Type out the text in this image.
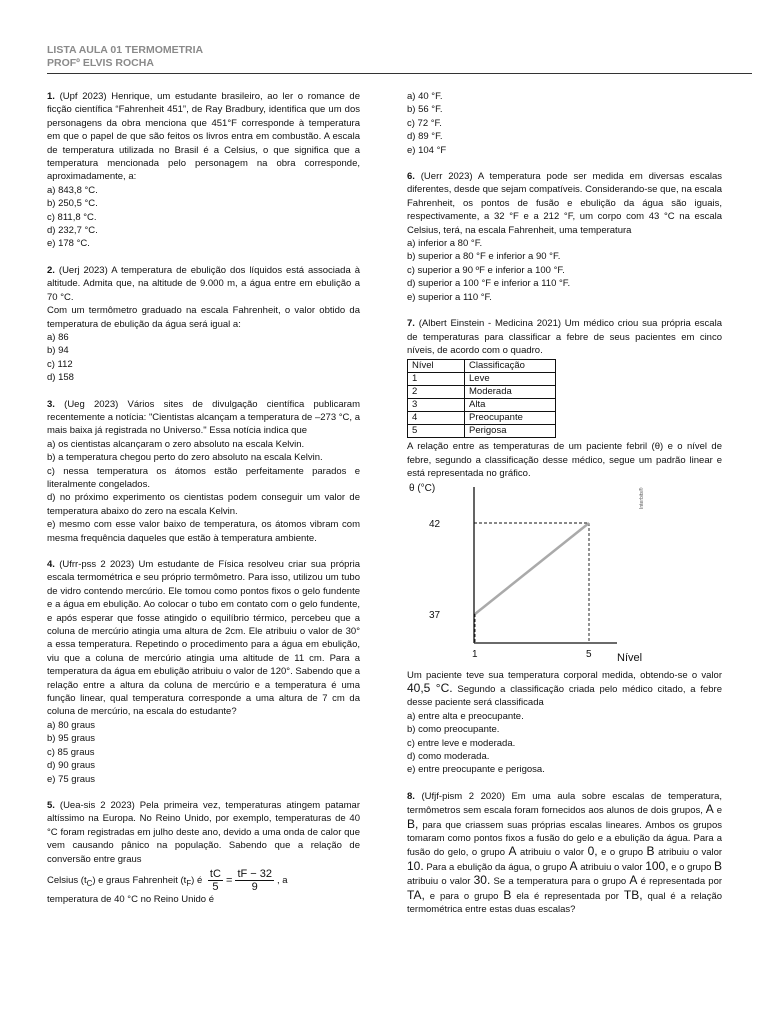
LISTA AULA 01 TERMOMETRIA
PROFº ELVIS ROCHA

1. (Upf 2023) Henrique, um estudante brasileiro, ao ler o romance de ficção científica “Fahrenheit 451”, de Ray Bradbury, identifica que um dos personagens da obra menciona que 451°F corresponde à temperatura em que o papel de que são feitos os livros entra em combustão. A escala de temperatura utilizada no Brasil é a Celsius, o que significa que a temperatura mencionada pelo personagem na obra corresponde, aproximadamente, a:

a) 843,8 °C.
b) 250,5 °C.
c) 811,8 °C.
d) 232,7 °C.
e) 178 °C.

2. (Uerj 2023) A temperatura de ebulição dos líquidos está associada à altitude. Admita que, na altitude de 9.000 m, a água entre em ebulição a 70 °C.

Com um termômetro graduado na escala Fahrenheit, o valor obtido da temperatura de ebulição da água será igual a:

a) 86
b) 94
c) 112
d) 158

3. (Ueg 2023) Vários sites de divulgação científica publicaram recentemente a notícia: "Cientistas alcançam a temperatura de –273 °C, a mais baixa já registrada no Universo." Essa notícia indica que

a) os cientistas alcançaram o zero absoluto na escala Kelvin.

b) a temperatura chegou perto do zero absoluto na escala Kelvin.

c) nessa temperatura os átomos estão perfeitamente parados e literalmente congelados.

d) no próximo experimento os cientistas podem conseguir um valor de temperatura abaixo do zero na escala Kelvin.

e) mesmo com esse valor baixo de temperatura, os átomos vibram com mesma frequência daqueles que estão à temperatura ambiente.

4. (Ufrr-pss 2 2023) Um estudante de Física resolveu criar sua própria escala termométrica e seu próprio termômetro. Para isso, utilizou um tubo de vidro contendo mercúrio. Ele tomou como pontos fixos o gelo fundente e a água em ebulição. Ao colocar o tubo em contato com o gelo fundente, e após esperar que fosse atingido o equilíbrio térmico, percebeu que a coluna de mercúrio atingia uma altura de 2cm. Ele atribuiu o valor de 30° a essa temperatura. Repetindo o procedimento para a água em ebulição, viu que a coluna de mercúrio atingia uma altitude de 11 cm. Para a temperatura da água em ebulição atribuiu o valor de 120°. Sabendo que a relação entre a altura da coluna de mercúrio e a temperatura é uma função linear, qual temperatura corresponde a uma altura de 7 cm da coluna de mercúrio, na escala do estudante?

a) 80 graus
b) 95 graus
c) 85 graus
d) 90 graus
e) 75 graus

5. (Uea-sis 2 2023) Pela primeira vez, temperaturas atingem patamar altíssimo na Europa. No Reino Unido, por exemplo, temperaturas de 40 °C foram registradas em julho deste ano, devido a uma onda de calor que vem causando pânico na população. Sabendo que a relação de conversão entre graus

Celsius $(t_C)$ e graus Fahrenheit $(t_F)$ é $\frac{tC}{5} = \frac{tF - 32}{9}$ , a

temperatura de 40 °C no Reino Unido é

a) 40 °F.
b) 56 °F.
c) 72 °F.
d) 89 °F.
e) 104 °F

6. (Uerr 2023) A temperatura pode ser medida em diversas escalas diferentes, desde que sejam compatíveis. Considerando-se que, na escala Fahrenheit, os pontos de fusão e ebulição da água são iguais, respectivamente, a 32 °F e a 212 °F, um corpo com 43 °C na escala Celsius, terá, na escala Fahrenheit, uma temperatura

a) inferior a 80 °F.
b) superior a 80 °F e inferior a 90 °F.
c) superior a 90 ºF e inferior a 100 °F.
d) superior a 100 °F e inferior a 110 °F.
e) superior a 110 °F.

7. (Albert Einstein - Medicina 2021) Um médico criou sua própria escala de temperaturas para classificar a febre de seus pacientes em cinco níveis, de acordo com o quadro.

Nível	Classificação
1	Leve
2	Moderada
3	Alta
4	Preocupante
5	Perigosa

A relação entre as temperaturas de um paciente febril (θ) e o nível de febre, segundo a classificação desse médico, segue um padrão linear e está representada no gráfico.

θ (°C)
42
37
1	5 Nível
Interbits®

Um paciente teve sua temperatura corporal medida, obtendo-se o valor 40,5 °C. Segundo a classificação criada pelo médico citado, a febre desse paciente será classificada

a) entre alta e preocupante.
b) como preocupante.
c) entre leve e moderada.
d) como moderada.
e) entre preocupante e perigosa.

8. (Ufjf-pism 2 2020) Em uma aula sobre escalas de temperatura, termômetros sem escala foram fornecidos aos alunos de dois grupos, A e B, para que criassem suas próprias escalas lineares. Ambos os grupos tomaram como pontos fixos a fusão do gelo e a ebulição da água. Para a fusão do gelo, o grupo A atribuiu o valor 0, e o grupo B atribuiu o valor 10. Para a ebulição da água, o grupo A atribuiu o valor 100, e o grupo B atribuiu o valor 30. Se a temperatura para o grupo A é representada por TA, e para o grupo B ela é representada por TB, qual é a relação termométrica entre estas duas escalas?
